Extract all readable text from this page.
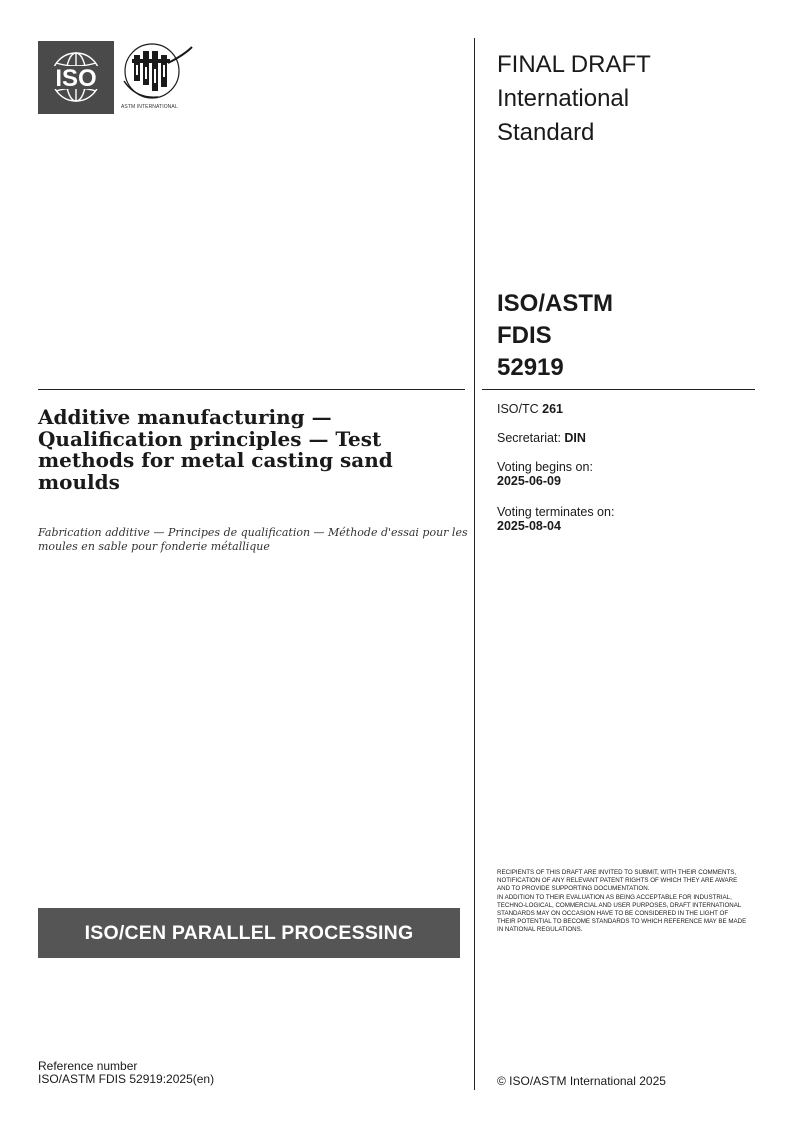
ISO
ASTM INTERNATIONAL
FINAL DRAFT
International
Standard
ISO/ASTM
FDIS
52919
Additive manufacturing — Qualification principles — Test methods for metal casting sand moulds
Fabrication additive — Principes de qualification — Méthode d'essai pour les moules en sable pour fonderie métallique
ISO/TC 261
Secretariat: DIN
Voting begins on:
2025-06-09
Voting terminates on:
2025-08-04

RECIPIENTS OF THIS DRAFT ARE INVITED TO SUBMIT, WITH THEIR COMMENTS, NOTIFICATION OF ANY RELEVANT PATENT RIGHTS OF WHICH THEY ARE AWARE AND TO PROVIDE SUPPORTING DOCUMENTATION.

IN ADDITION TO THEIR EVALUATION AS BEING ACCEPTABLE FOR INDUSTRIAL, TECHNO-LOGICAL, COMMERCIAL AND USER PURPOSES, DRAFT INTERNATIONAL STANDARDS MAY ON OCCASION HAVE TO BE CONSIDERED IN THE LIGHT OF THEIR POTENTIAL TO BECOME STANDARDS TO WHICH REFERENCE MAY BE MADE IN NATIONAL REGULATIONS.

ISO/CEN PARALLEL PROCESSING
Reference number
ISO/ASTM FDIS 52919:2025(en)	© ISO/ASTM International 2025
